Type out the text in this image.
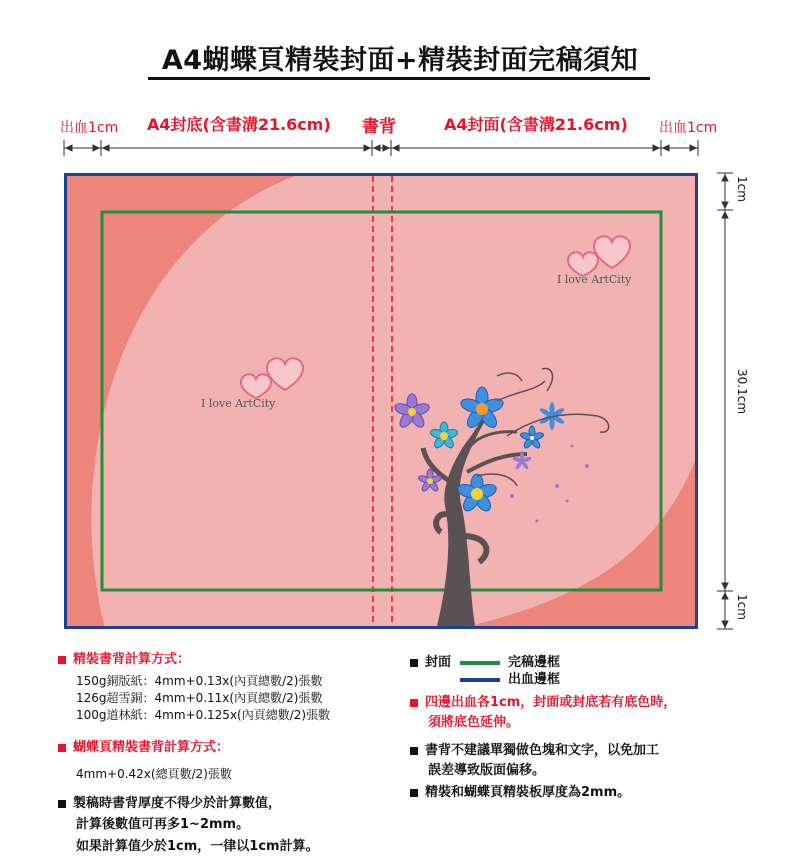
A4蝴蝶頁精裝封面+精裝封面完稿須知
出血1cm A4封底(含書溝21.6cm) 書背	A4封面(含書溝21.6cm) 出血1cm
1cm
30.1cm
1cm
I love ArtCity
I love ArtCity
精裝書背計算方式：
150g銅版紙：4mm+0.13x(內頁總數/2)張數
126g超雪銅：4mm+0.11x(內頁總數/2)張數
100g道林紙：4mm+0.125x(內頁總數/2)張數
蝴蝶頁精裝書背計算方式：
4mm+0.42x(總頁數/2)張數
製稿時書背厚度不得少於計算數值，
計算後數值可再多1~2mm。
如果計算值少於1cm，一律以1cm計算。
封面	完稿邊框
出血邊框
四邊出血各1cm，封面或封底若有底色時，
須將底色延伸。
書背不建議單獨做色塊和文字，以免加工
誤差導致版面偏移。
精裝和蝴蝶頁精裝板厚度為2mm。
